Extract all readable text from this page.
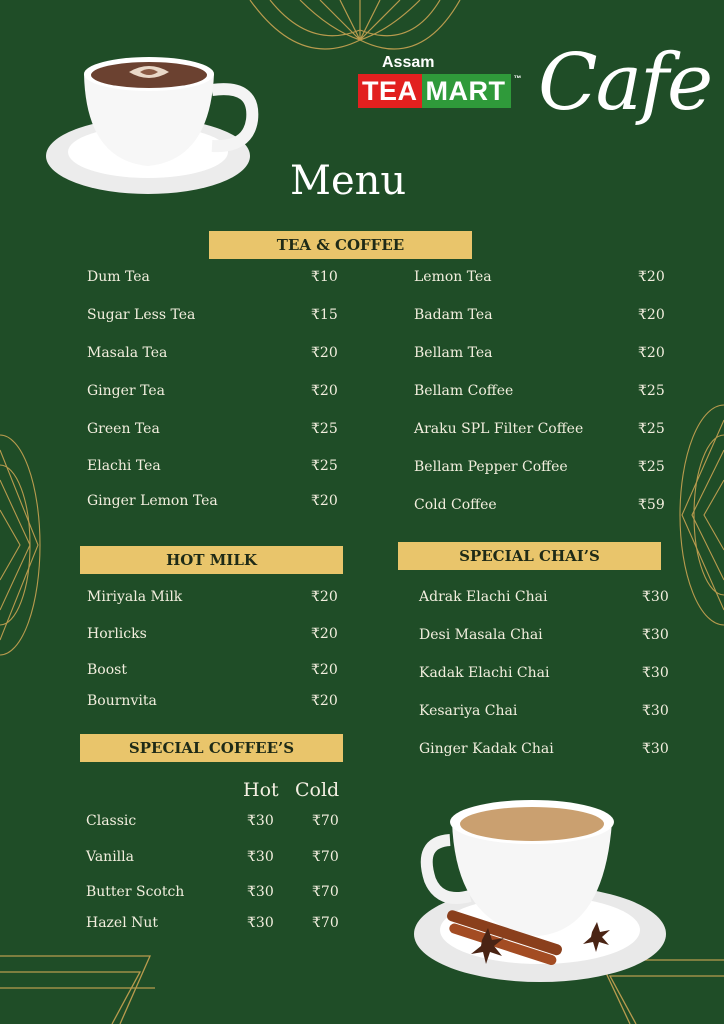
Assam
TEA MART	™ Cafe
Menu
TEA & COFFEE
Dum Tea	₹10
Sugar Less Tea	₹15
Masala Tea	₹20
Ginger Tea	₹20
Green Tea	₹25
Elachi Tea	₹25
Ginger Lemon Tea	₹20
Lemon Tea	₹20
Badam Tea	₹20
Bellam Tea	₹20
Bellam Coffee	₹25
Araku SPL Filter Coffee	₹25
Bellam Pepper Coffee	₹25
Cold Coffee	₹59
HOT MILK
Miriyala Milk	₹20
Horlicks	₹20
Boost	₹20
Bournvita	₹20
SPECIAL CHAI’S
Adrak Elachi Chai	₹30
Desi Masala Chai	₹30
Kadak Elachi Chai	₹30
Kesariya Chai	₹30
Ginger Kadak Chai	₹30
SPECIAL COFFEE’S
Hot Cold
Classic	₹30	₹70
Vanilla	₹30	₹70
Butter Scotch	₹30	₹70
Hazel Nut	₹30	₹70
